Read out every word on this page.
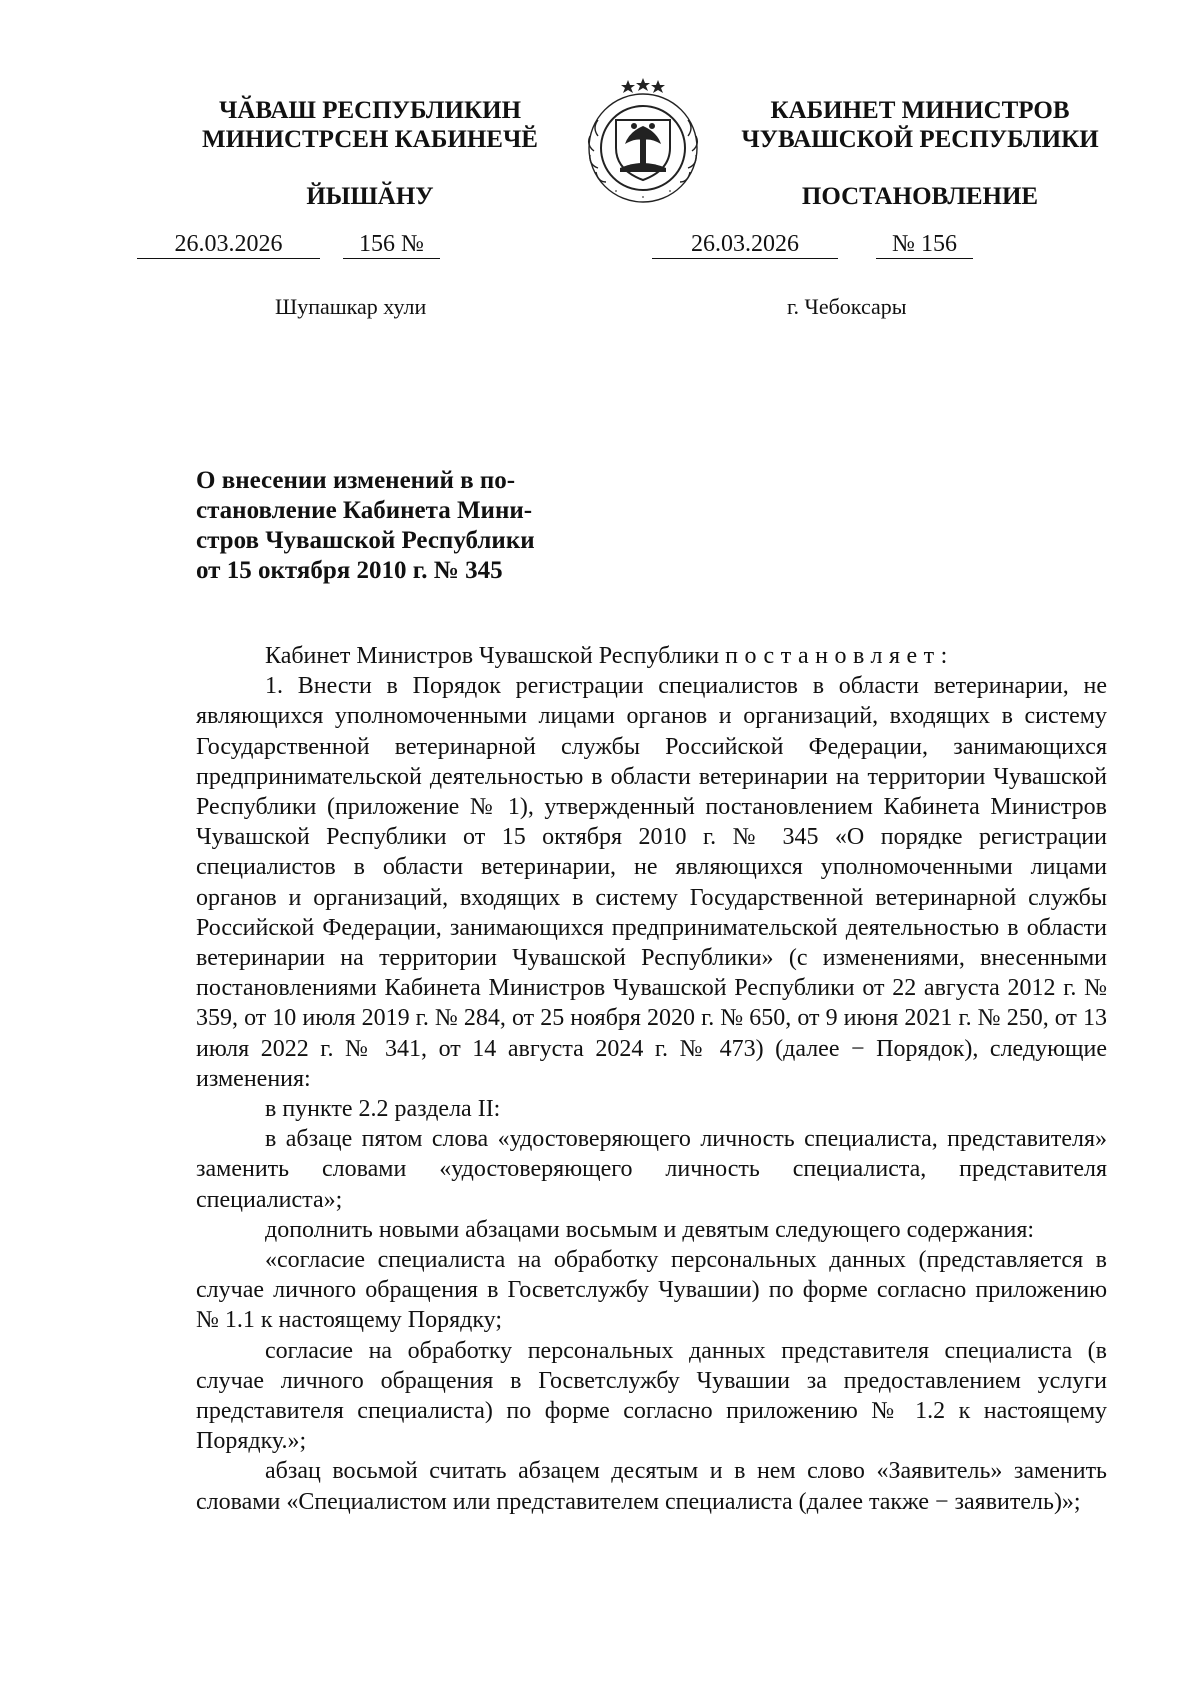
ЧӐВАШ РЕСПУБЛИКИН
МИНИСТРСЕН КАБИНЕЧӖ
ЙЫШӐНУ
КАБИНЕТ МИНИСТРОВ
ЧУВАШСКОЙ РЕСПУБЛИКИ
ПОСТАНОВЛЕНИЕ
26.03.2026	156 №	26.03.2026	№ 156
Шупашкар хули	г. Чебоксары
О внесении изменений в по-
становление Кабинета Мини-
стров Чувашской Республики
от 15 октября 2010 г. № 345

Кабинет Министров Чувашской Республики постановляет:

1. Внести в Порядок регистрации специалистов в области ветеринарии, не являющихся уполномоченными лицами органов и организаций, входящих в систему Государственной ветеринарной службы Российской Федерации, занимающихся предпринимательской деятельностью в области ветеринарии на территории Чувашской Республики (приложение № 1), утвержденный постановлением Кабинета Министров Чувашской Республики от 15 октября 2010 г. № 345 «О порядке регистрации специалистов в области ветеринарии, не являющихся уполномоченными лицами органов и организаций, входящих в систему Государственной ветеринарной службы Российской Федерации, занимающихся предпринимательской деятельностью в области ветеринарии на территории Чувашской Республики» (с изменениями, внесенными постановлениями Кабинета Министров Чувашской Республики от 22 августа 2012 г. № 359, от 10 июля 2019 г. № 284, от 25 ноября 2020 г. № 650, от 9 июня 2021 г. № 250, от 13 июля 2022 г. № 341, от 14 августа 2024 г. № 473) (далее − Порядок), следующие изменения:

в пункте 2.2 раздела II:

в абзаце пятом слова «удостоверяющего личность специалиста, представителя» заменить словами «удостоверяющего личность специалиста, представителя специалиста»;

дополнить новыми абзацами восьмым и девятым следующего содержания:

«согласие специалиста на обработку персональных данных (представляется в случае личного обращения в Госветслужбу Чувашии) по форме согласно приложению № 1.1 к настоящему Порядку;

согласие на обработку персональных данных представителя специалиста (в случае личного обращения в Госветслужбу Чувашии за предоставлением услуги представителя специалиста) по форме согласно приложению № 1.2 к настоящему Порядку.»;

абзац восьмой считать абзацем десятым и в нем слово «Заявитель» заменить словами «Специалистом или представителем специалиста (далее также − заявитель)»;
